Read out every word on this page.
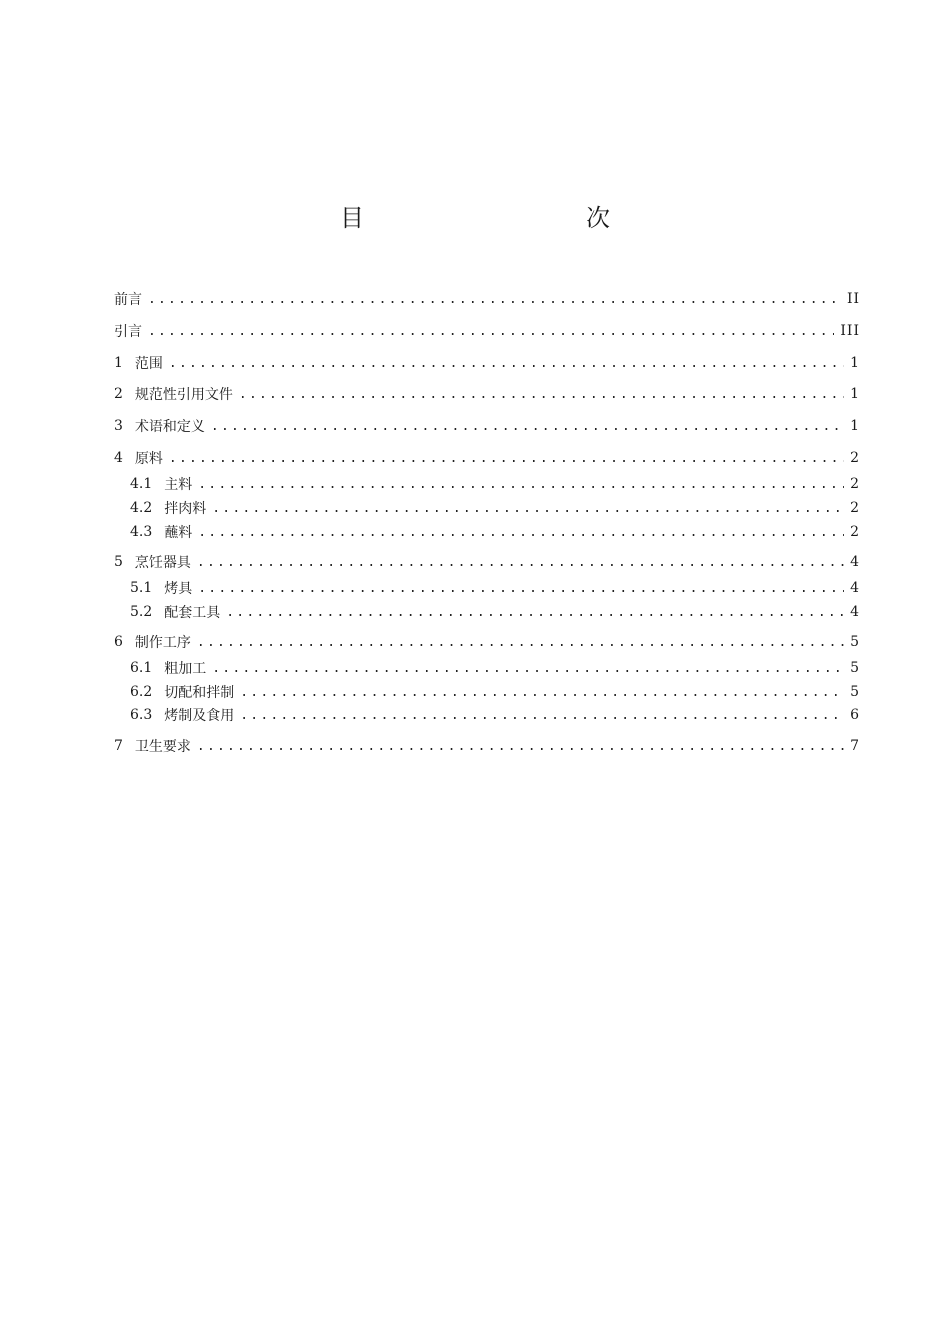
目　　次
前言 .....	II
引言 .....	III
1 范围 .....	1
2 规范性引用文件 .....	1
3 术语和定义 .....	1
4 原料 .....	2
4.1 主料 .....	2
4.2 拌肉料 .....	2
4.3 蘸料 .....	2
5 烹饪器具 .....	4
5.1 烤具 .....	4
5.2 配套工具 .....	4
6 制作工序 .....	5
6.1 粗加工 .....	5
6.2 切配和拌制 .....	5
6.3 烤制及食用 .....	6
7 卫生要求 .....	7
